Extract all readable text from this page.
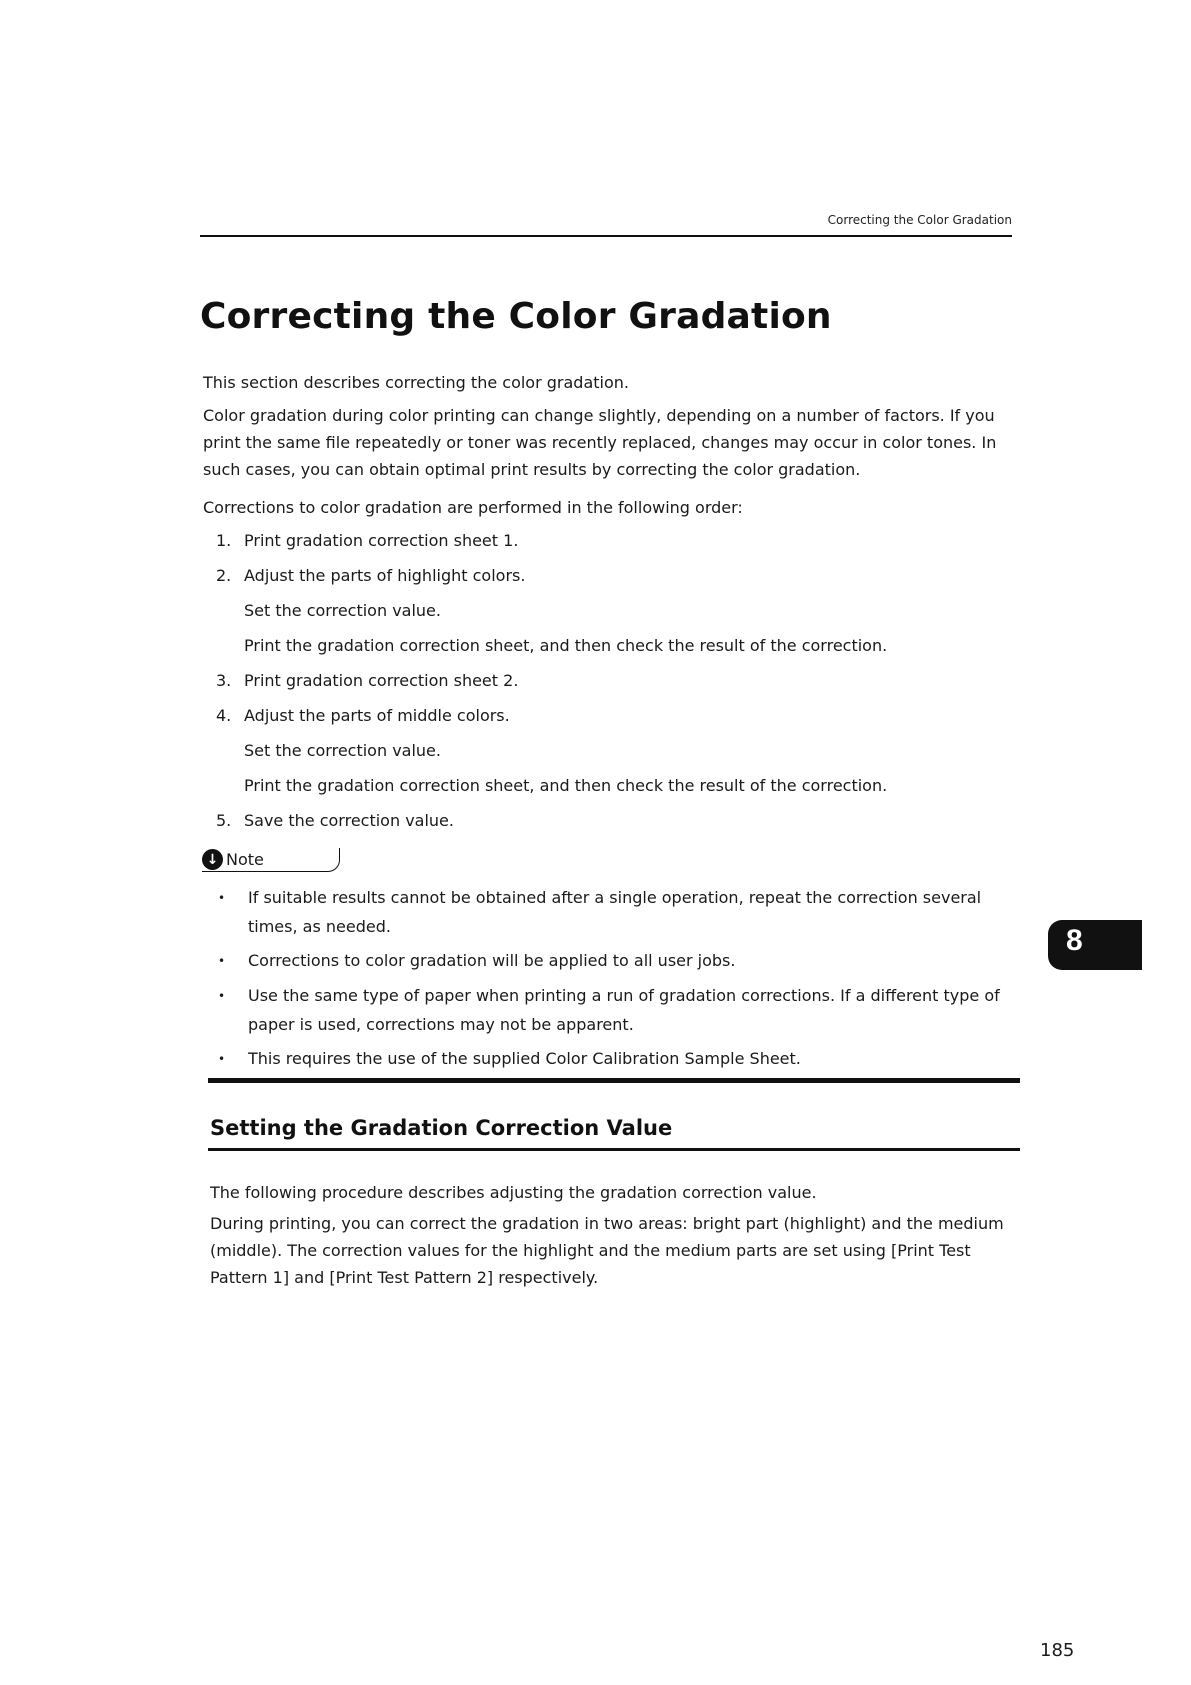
Correcting the Color Gradation
Correcting the Color Gradation

This section describes correcting the color gradation.

Color gradation during color printing can change slightly, depending on a number of factors. If you print the same file repeatedly or toner was recently replaced, changes may occur in color tones. In such cases, you can obtain optimal print results by correcting the color gradation.

Corrections to color gradation are performed in the following order:

1. Print gradation correction sheet 1.
2. Adjust the parts of highlight colors.
Set the correction value.
Print the gradation correction sheet, and then check the result of the correction.
3. Print gradation correction sheet 2.
4. Adjust the parts of middle colors.
Set the correction value.
Print the gradation correction sheet, and then check the result of the correction.
5. Save the correction value.
↓ Note
•	If suitable results cannot be obtained after a single operation, repeat the correction several times, as needed.
•	Corrections to color gradation will be applied to all user jobs.
•	Use the same type of paper when printing a run of gradation corrections. If a different type of paper is used, corrections may not be apparent.
•	This requires the use of the supplied Color Calibration Sample Sheet.
Setting the Gradation Correction Value

The following procedure describes adjusting the gradation correction value.

During printing, you can correct the gradation in two areas: bright part (highlight) and the medium (middle). The correction values for the highlight and the medium parts are set using [Print Test Pattern 1] and [Print Test Pattern 2] respectively.

8
185
